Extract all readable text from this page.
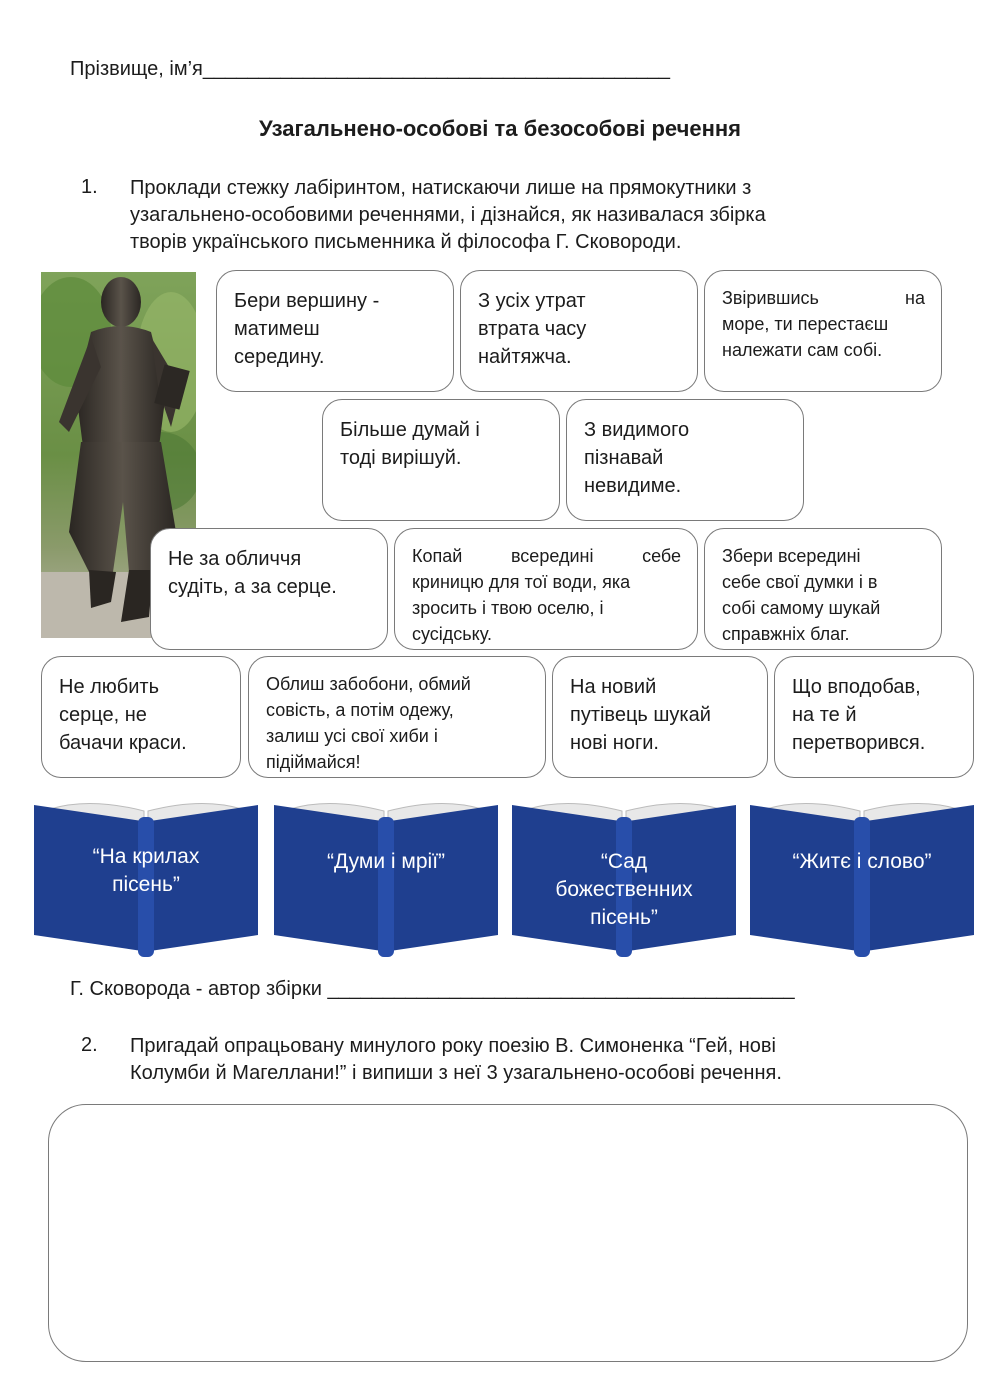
Прізвище, ім’я__________________________________________
Узагальнено-особові та безособові речення
1. Проклади стежку лабіринтом, натискаючи лише на прямокутники з
узагальнено-особовими реченнями, і дізнайся, як називалася збірка
творів українського письменника й філософа Г. Сковороди.
Бери вершину -
матимеш
середину.
З усіх утрат
втрата часу
найтяжча.
Звірившись на
море, ти перестаєш
належати сам собі.
Більше думай і
тоді вирішуй.
З видимого
пізнавай
невидиме.
Не за обличчя
судіть, а за серце.
Копай всередині себе
криницю для тої води, яка
зросить і твою оселю, і
сусідську.
Збери всередині
себе свої думки і в
собі самому шукай
справжніх благ.
Не любить
серце, не
бачачи краси.
Облиш забобони, обмий
совість, а потім одежу,
залиш усі свої хиби і
підіймайся!
На новий
путівець шукай
нові ноги.
Що вподобав,
на те й
перетворився.
“На крилах
пісень”
“Думи і мрії”	“Сад
божественних
пісень”
“Житє і слово”
Г. Сковорода - автор збірки __________________________________________
2. Пригадай опрацьовану минулого року поезію В. Симоненка “Гей, нові
Колумби й Магеллани!” і випиши з неї 3 узагальнено-особові речення.
